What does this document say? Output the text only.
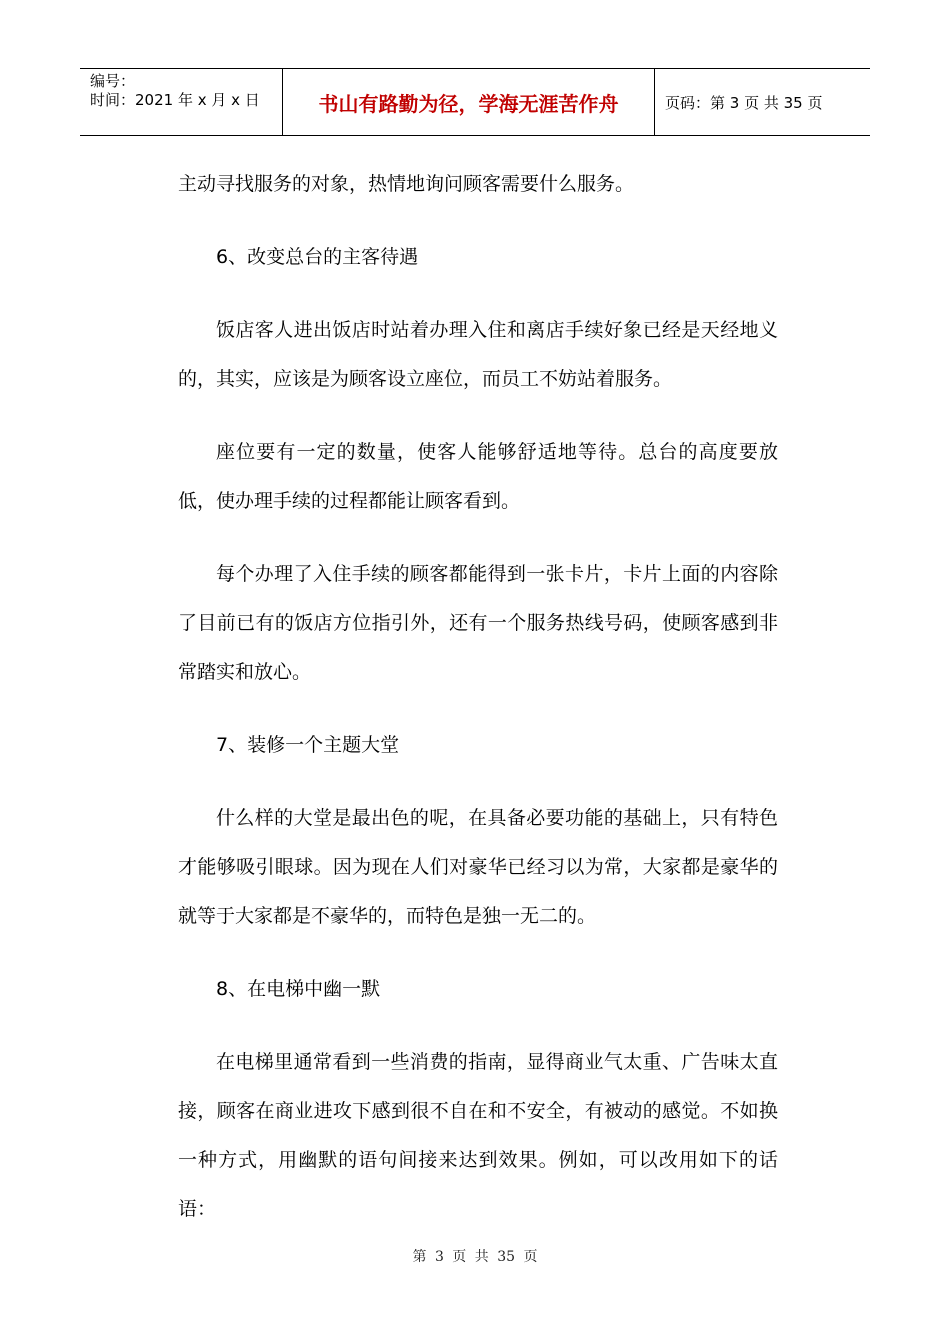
编号：
时间：2021 年 x 月 x 日	书山有路勤为径，学海无涯苦作舟	页码：第 3 页 共 35 页

主动寻找服务的对象，热情地询问顾客需要什么服务。

6、改变总台的主客待遇

饭店客人进出饭店时站着办理入住和离店手续好象已经是天经地义的，其实，应该是为顾客设立座位，而员工不妨站着服务。

座位要有一定的数量，使客人能够舒适地等待。总台的高度要放低，使办理手续的过程都能让顾客看到。

每个办理了入住手续的顾客都能得到一张卡片，卡片上面的内容除了目前已有的饭店方位指引外，还有一个服务热线号码，使顾客感到非常踏实和放心。

7、装修一个主题大堂

什么样的大堂是最出色的呢，在具备必要功能的基础上，只有特色才能够吸引眼球。因为现在人们对豪华已经习以为常，大家都是豪华的就等于大家都是不豪华的，而特色是独一无二的。

8、在电梯中幽一默

在电梯里通常看到一些消费的指南，显得商业气太重、广告味太直接，顾客在商业进攻下感到很不自在和不安全，有被动的感觉。不如换一种方式，用幽默的语句间接来达到效果。例如，可以改用如下的话语：

第 3 页 共 35 页
